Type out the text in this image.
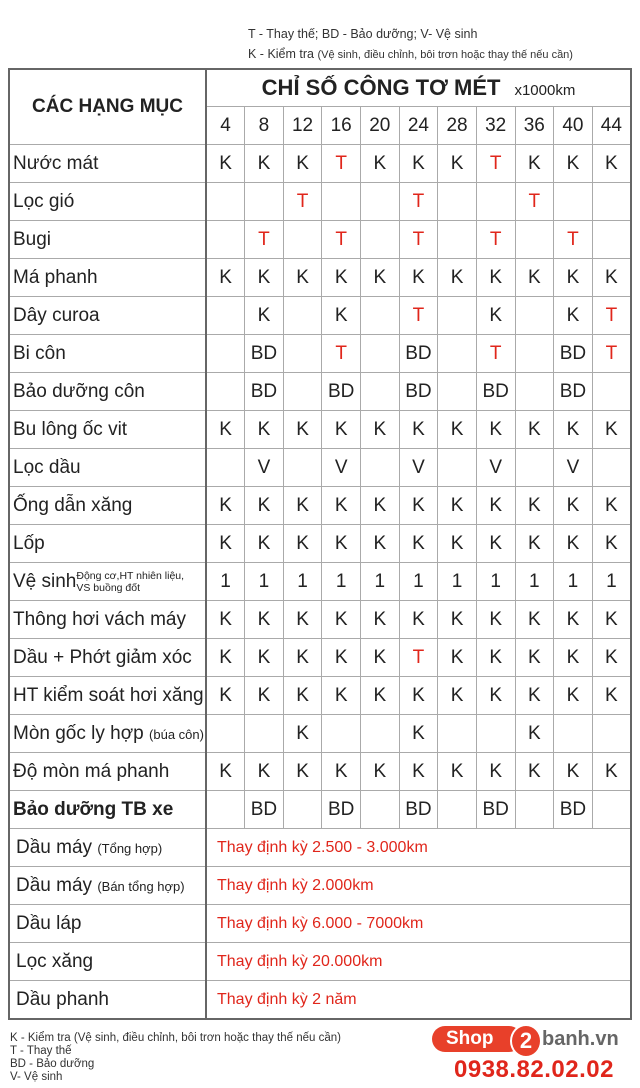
T - Thay thế; BD - Bảo dưỡng; V- Vệ sinh
K - Kiểm tra (Vệ sinh, điều chỉnh, bôi trơn hoặc thay thế nếu cần)
CÁC HẠNG MỤC	CHỈ SỐ CÔNG TƠ MÉT x1000km										
	4	8	12	16	20	24	28	32	36	40	44
Nước mát	K	K	K	T	K	K	K	T	K	K	K
Lọc gió			T			T			T		
Bugi		T		T		T		T		T	
Má phanh	K	K	K	K	K	K	K	K	K	K	K
Dây curoa		K		K		T		K		K	T
Bi côn		BD		T		BD		T		BD	T
Bảo dưỡng côn		BD		BD		BD		BD		BD	
Bu lông ốc vit	K	K	K	K	K	K	K	K	K	K	K
Lọc dầu		V		V		V		V		V	
Ống dẫn xăng	K	K	K	K	K	K	K	K	K	K	K
Lốp	K	K	K	K	K	K	K	K	K	K	K
Vệ sinh Động cơ,HT nhiên liệu,
VS buồng đốt	1	1	1	1	1	1	1	1	1	1	1
Thông hơi vách máy	K	K	K	K	K	K	K	K	K	K	K
Dầu + Phớt giảm xóc	K	K	K	K	K	T	K	K	K	K	K
HT kiểm soát hơi xăng	K	K	K	K	K	K	K	K	K	K	K
Mòn gốc ly hợp (búa côn)			K			K			K		
Độ mòn má phanh	K	K	K	K	K	K	K	K	K	K	K
Bảo dưỡng TB xe		BD		BD		BD		BD		BD	
Dầu máy (Tổng hợp)	Thay định kỳ 2.500 - 3.000km										
Dầu máy (Bán tổng hợp)	Thay định kỳ 2.000km										
Dầu láp	Thay định kỳ 6.000 - 7000km										
Lọc xăng	Thay định kỳ 20.000km										
Dầu phanh	Thay định kỳ 2 năm										
K - Kiểm tra (Vệ sinh, điều chỉnh, bôi trơn hoặc thay thế nếu cần)
T - Thay thế
BD - Bảo dưỡng
V- Vệ sinh
Shop	2 banh.vn
0938.82.02.02
